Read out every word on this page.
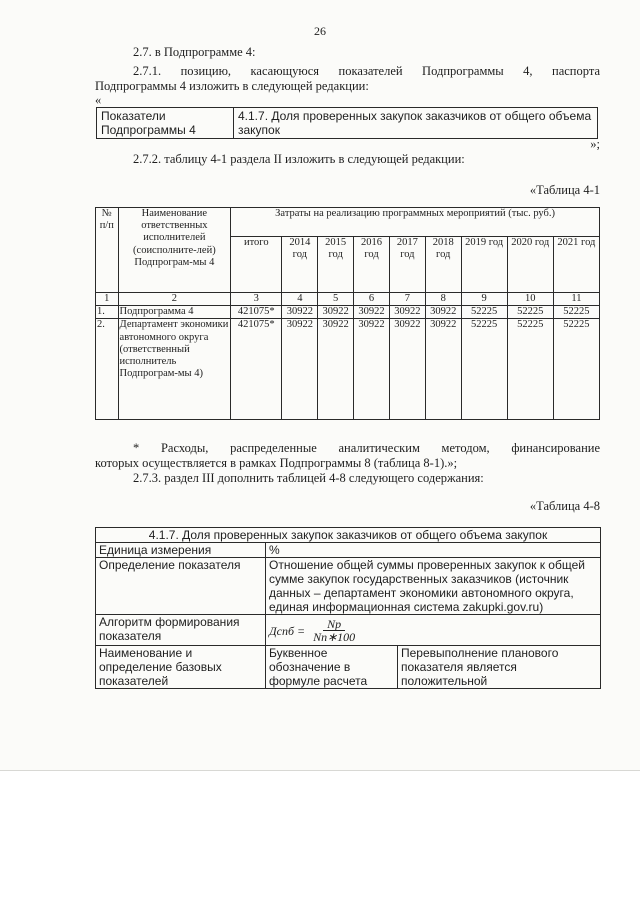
26
2.7. в Подпрограмме 4:
2.7.1. позицию, касающуюся показателей Подпрограммы 4, паспорта
Подпрограммы 4 изложить в следующей редакции:
«
Показатели Подпрограммы 4	4.1.7. Доля проверенных закупок заказчиков от общего объема закупок
»;
2.7.2. таблицу 4-1 раздела II изложить в следующей редакции:
«Таблица 4-1
№ п/п	Наименование ответственных исполнителей (соисполните-лей) Подпрограм-мы 4	Затраты на реализацию программных мероприятий (тыс. руб.)								
		итого	2014 год	2015 год	2016 год	2017 год	2018 год	2019 год	2020 год	2021 год
1	2	3	4	5	6	7	8	9	10	11
1.	Подпрограмма 4	421075*	30922	30922	30922	30922	30922	52225	52225	52225
2.	Департамент экономики автономного округа (ответственный исполнитель Подпрограм-мы 4)	421075*	30922	30922	30922	30922	30922	52225	52225	52225
* Расходы, распределенные аналитическим методом, финансирование
которых осуществляется в рамках Подпрограммы 8 (таблица 8-1).»;
2.7.3. раздел III дополнить таблицей 4-8 следующего содержания:
«Таблица 4-8
4.1.7. Доля проверенных закупок заказчиков от общего объема закупок		
Единица измерения	%	
Определение показателя	Отношение общей суммы проверенных закупок к общей сумме закупок государственных заказчиков (источник данных – департамент экономики автономного округа, единая информационная система zakupki.gov.ru)	
Алгоритм формирования показателя	Дспб = $\frac{Np}{Nn∗100}$

Наименование и определение базовых показателей	Буквенное обозначение в формуле расчета	Перевыполнение планового показателя является положительной
